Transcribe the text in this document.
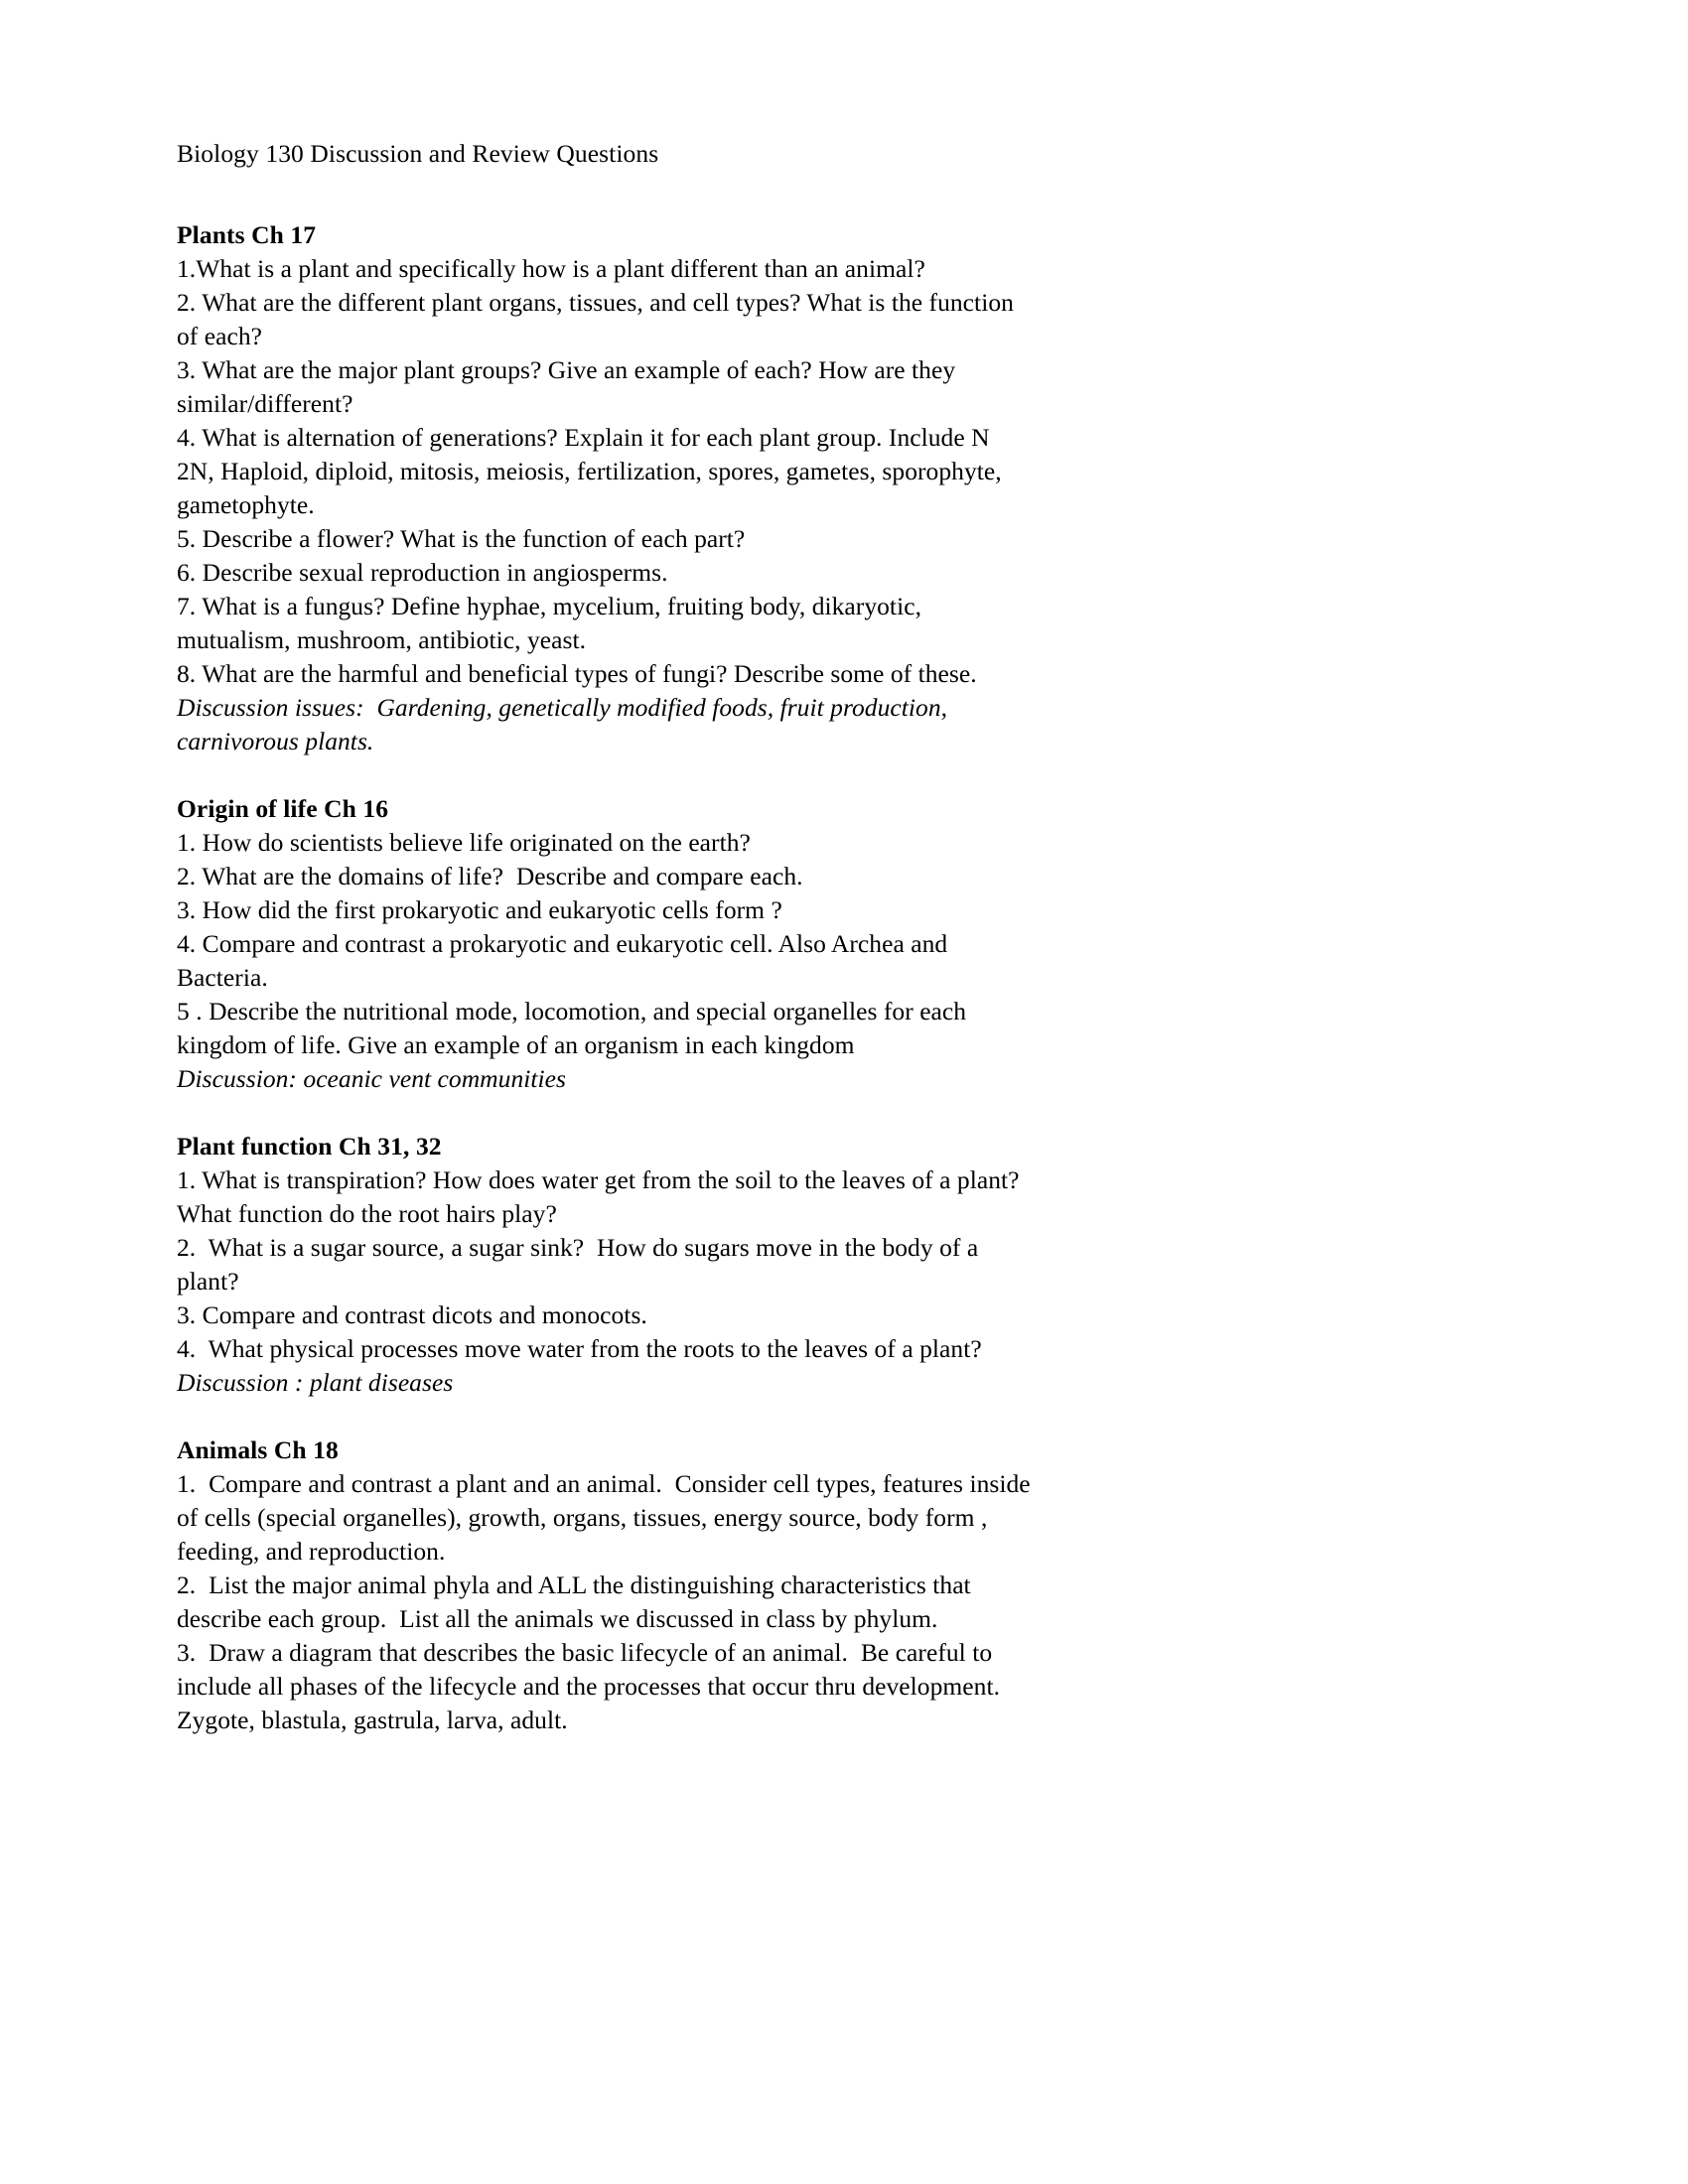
Biology 130 Discussion and Review Questions
Plants Ch 17

1.What is a plant and specifically how is a plant different than an animal?

2. What are the different plant organs, tissues, and cell types? What is the function of each?

3. What are the major plant groups? Give an example of each? How are they similar/different?

4. What is alternation of generations? Explain it for each plant group. Include N 2N, Haploid, diploid, mitosis, meiosis, fertilization, spores, gametes, sporophyte, gametophyte.

5. Describe a flower? What is the function of each part?

6. Describe sexual reproduction in angiosperms.

7. What is a fungus? Define hyphae, mycelium, fruiting body, dikaryotic, mutualism, mushroom, antibiotic, yeast.

8. What are the harmful and beneficial types of fungi? Describe some of these.

Discussion issues:  Gardening, genetically modified foods, fruit production, carnivorous plants.

Origin of life Ch 16

1. How do scientists believe life originated on the earth?

2. What are the domains of life?  Describe and compare each.

3. How did the first prokaryotic and eukaryotic cells form ?

4. Compare and contrast a prokaryotic and eukaryotic cell. Also Archea and Bacteria.

5 . Describe the nutritional mode, locomotion, and special organelles for each kingdom of life. Give an example of an organism in each kingdom

Discussion: oceanic vent communities

Plant function Ch 31, 32

1. What is transpiration? How does water get from the soil to the leaves of a plant? What function do the root hairs play?

2.  What is a sugar source, a sugar sink?  How do sugars move in the body of a plant?

3. Compare and contrast dicots and monocots.

4.  What physical processes move water from the roots to the leaves of a plant?

Discussion : plant diseases

Animals Ch 18

1.  Compare and contrast a plant and an animal.  Consider cell types, features inside of cells (special organelles), growth, organs, tissues, energy source, body form , feeding, and reproduction.

2.  List the major animal phyla and ALL the distinguishing characteristics that describe each group.  List all the animals we discussed in class by phylum.

3.  Draw a diagram that describes the basic lifecycle of an animal.  Be careful to include all phases of the lifecycle and the processes that occur thru development.  Zygote, blastula, gastrula, larva, adult.
